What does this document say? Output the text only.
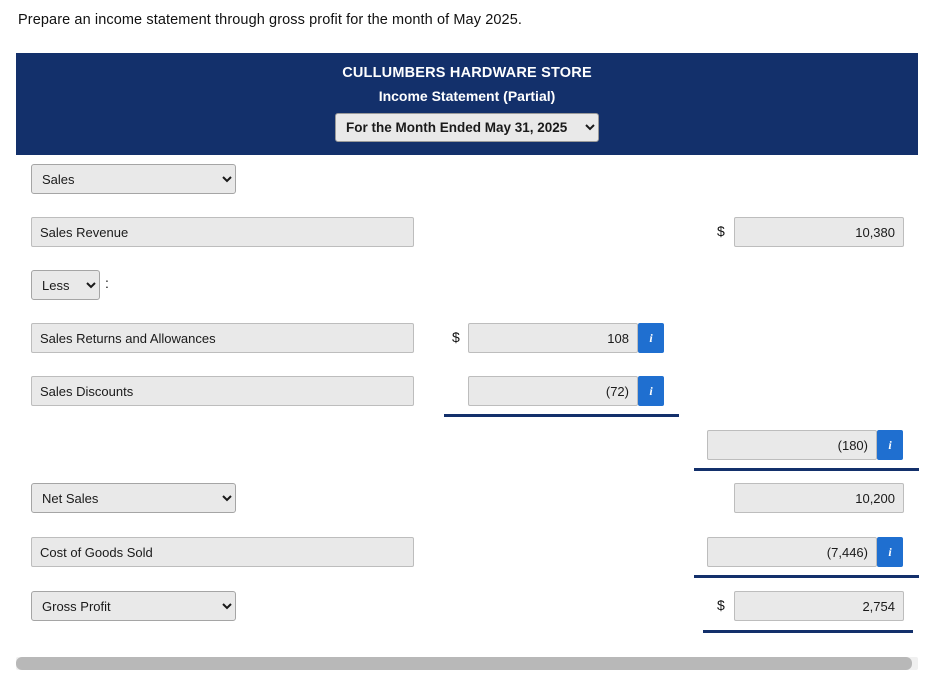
Prepare an income statement through gross profit for the month of May 2025.
CULLUMBERS HARDWARE STORE
Income Statement (Partial)
For the Month Ended May 31, 2025
Sales
Sales Revenue
$
10,380
Less
:
Sales Returns and Allowances
$
108	i
Sales Discounts
(72)
i
(180)
i
Net Sales
10,200
Cost of Goods Sold
(7,446)
i
Gross Profit
$
2,754
